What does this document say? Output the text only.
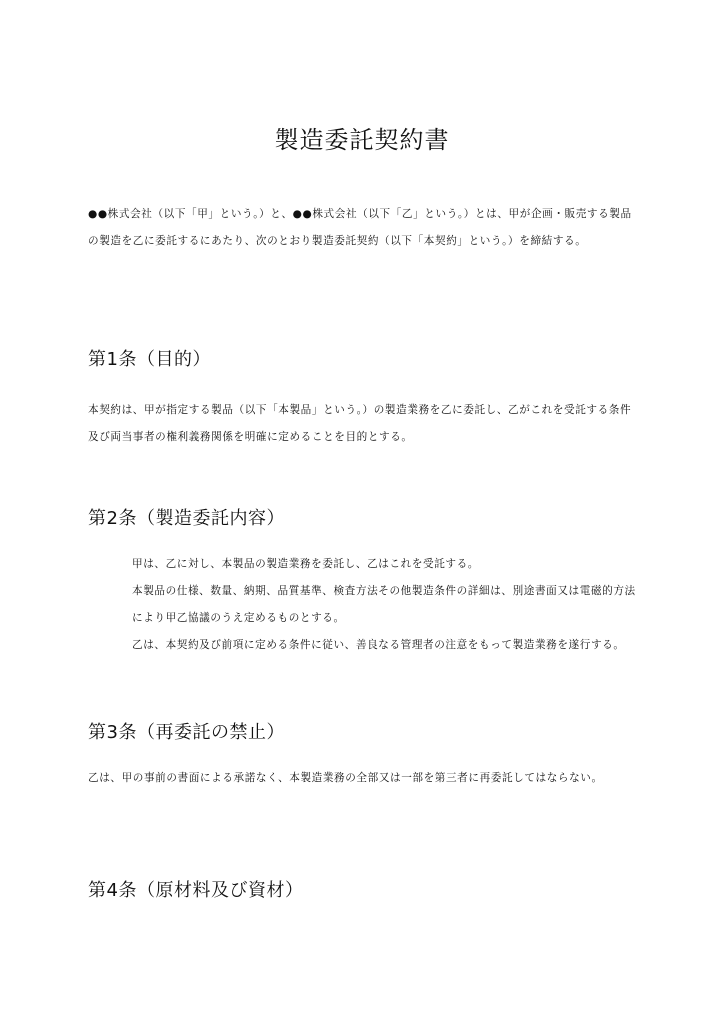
製造委託契約書

●●株式会社（以下「甲」という。）と、●●株式会社（以下「乙」という。）とは、甲が企画・販売する製品の製造を乙に委託するにあたり、次のとおり製造委託契約（以下「本契約」という。）を締結する。

第1条（目的）

本契約は、甲が指定する製品（以下「本製品」という。）の製造業務を乙に委託し、乙がこれを受託する条件及び両当事者の権利義務関係を明確に定めることを目的とする。

第2条（製造委託内容）
甲は、乙に対し、本製品の製造業務を委託し、乙はこれを受託する。
本製品の仕様、数量、納期、品質基準、検査方法その他製造条件の詳細は、別途書面又は電磁的方法により甲乙協議のうえ定めるものとする。
乙は、本契約及び前項に定める条件に従い、善良なる管理者の注意をもって製造業務を遂行する。
第3条（再委託の禁止）

乙は、甲の事前の書面による承諾なく、本製造業務の全部又は一部を第三者に再委託してはならない。

第4条（原材料及び資材）
